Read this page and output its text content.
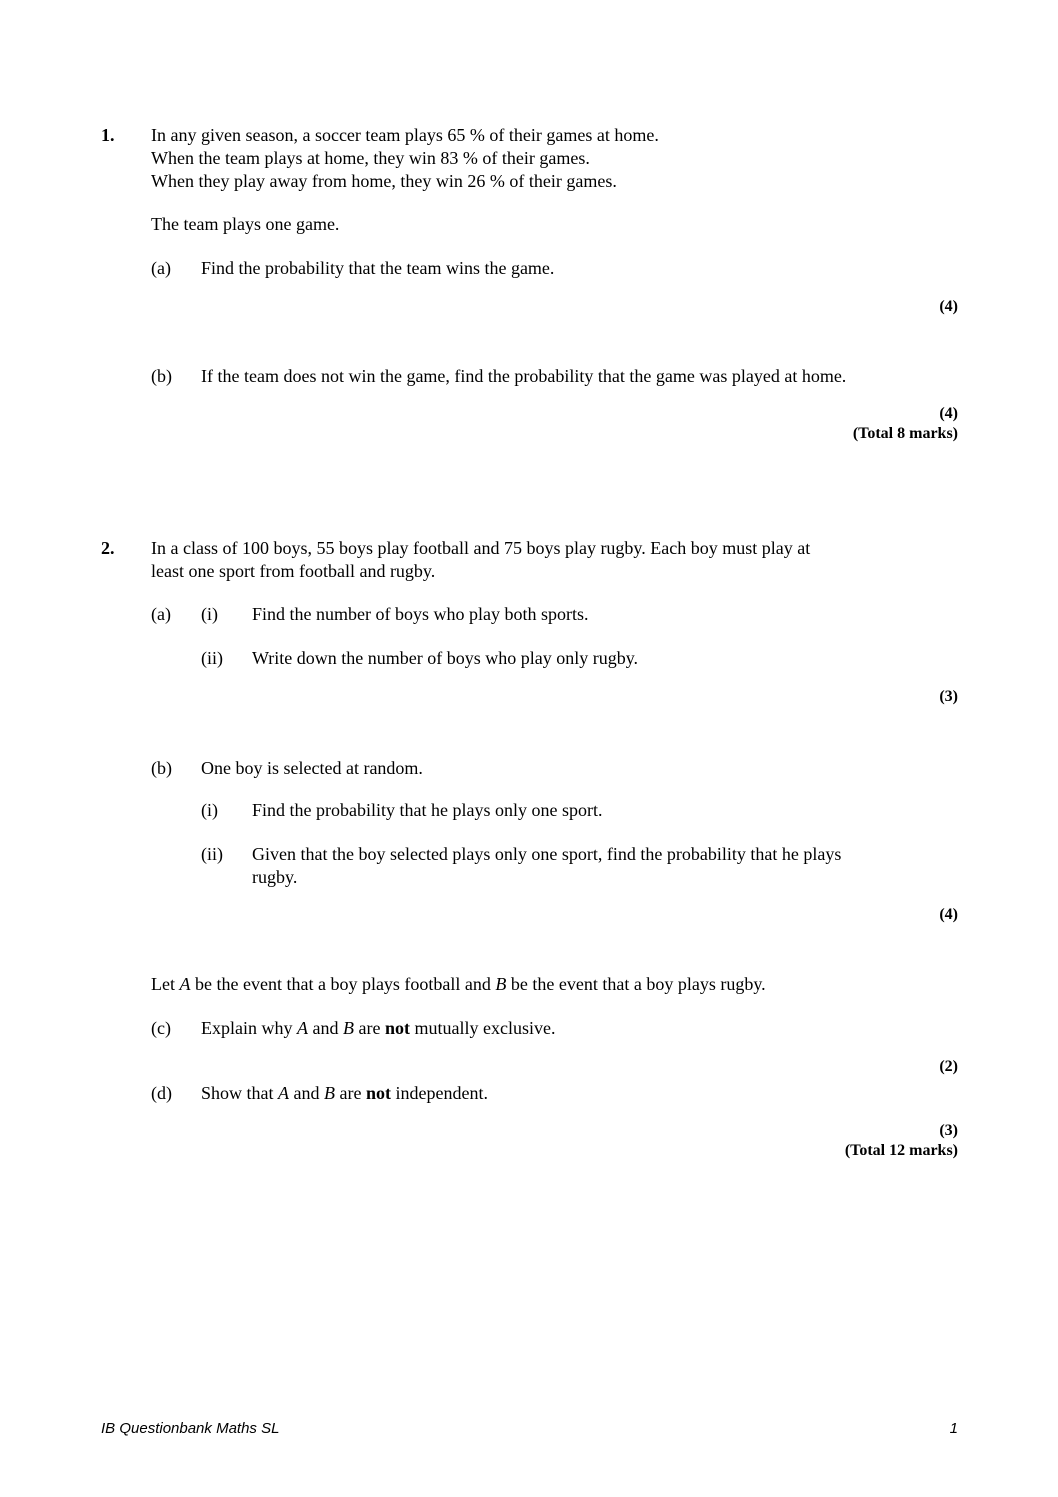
1. In any given season, a soccer team plays 65 % of their games at home.

When the team plays at home, they win 83 % of their games.

When they play away from home, they win 26 % of their games.

The team plays one game.

(a) Find the probability that the team wins the game.

(4)

(b) If the team does not win the game, find the probability that the game was played at home.

(4)

(Total 8 marks)

2. In a class of 100 boys, 55 boys play football and 75 boys play rugby. Each boy must play at

least one sport from football and rugby.

(a) (i) Find the number of boys who play both sports.

(ii) Write down the number of boys who play only rugby.

(3)

(b) One boy is selected at random.

(i) Find the probability that he plays only one sport.

(ii) Given that the boy selected plays only one sport, find the probability that he plays

rugby.

(4)

Let A be the event that a boy plays football and B be the event that a boy plays rugby.

(c) Explain why A and B are not mutually exclusive.

(2)

(d) Show that A and B are not independent.

(3)

(Total 12 marks)

IB Questionbank Maths SL	1
